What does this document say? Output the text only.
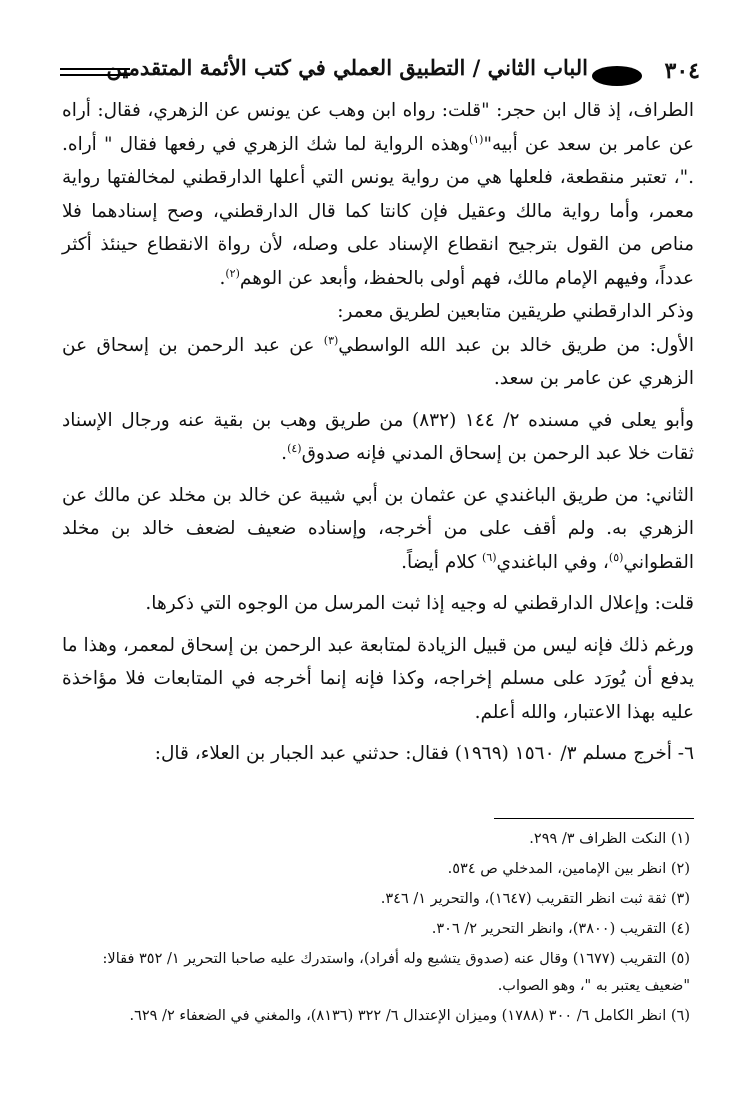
٣٠٤
الباب الثاني / التطبيق العملي في كتب الأئمة المتقدمين

الطراف، إذ قال ابن حجر: "قلت: رواه ابن وهب عن يونس عن الزهري، فقال: أراه عن عامر بن سعد عن أبيه"$^{(١)}$وهذه الرواية لما شك الزهري في رفعها فقال " أراه. ."، تعتبر منقطعة، فلعلها هي من رواية يونس التي أعلها الدارقطني لمخالفتها رواية معمر، وأما رواية مالك وعقيل فإن كانتا كما قال الدارقطني، وصح إسنادهما فلا مناص من القول بترجيح انقطاع الإسناد على وصله، لأن رواة الانقطاع حينئذ أكثر عدداً، وفيهم الإمام مالك، فهم أولى بالحفظ، وأبعد عن الوهم$^{(٢)}$.

وذكر الدارقطني طريقين متابعين لطريق معمر:

الأول: من طريق خالد بن عبد الله الواسطي$^{(٣)}$ عن عبد الرحمن بن إسحاق عن الزهري عن عامر بن سعد.

وأبو يعلى في مسنده ٢/ ١٤٤ (٨٣٢) من طريق وهب بن بقية عنه ورجال الإسناد ثقات خلا عبد الرحمن بن إسحاق المدني فإنه صدوق$^{(٤)}$.

الثاني: من طريق الباغندي عن عثمان بن أبي شيبة عن خالد بن مخلد عن مالك عن الزهري به. ولم أقف على من أخرجه، وإسناده ضعيف لضعف خالد بن مخلد القطواني$^{(٥)}$، وفي الباغندي$^{(٦)}$ كلام أيضاً.

قلت: وإعلال الدارقطني له وجيه إذا ثبت المرسل من الوجوه التي ذكرها.

ورغم ذلك فإنه ليس من قبيل الزيادة لمتابعة عبد الرحمن بن إسحاق لمعمر، وهذا ما يدفع أن يُورَد على مسلم إخراجه، وكذا فإنه إنما أخرجه في المتابعات فلا مؤاخذة عليه بهذا الاعتبار، والله أعلم.

٦- أخرج مسلم ٣/ ١٥٦٠ (١٩٦٩) فقال: حدثني عبد الجبار بن العلاء، قال:

(١) النكت الظراف ٣/ ٢٩٩.

(٢) انظر بين الإمامين، المدخلي ص ٥٣٤.

(٣) ثقة ثبت انظر التقريب (١٦٤٧)، والتحرير ١/ ٣٤٦.

(٤) التقريب (٣٨٠٠)، وانظر التحرير ٢/ ٣٠٦.

(٥) التقريب (١٦٧٧) وقال عنه (صدوق يتشيع وله أفراد)، واستدرك عليه صاحبا التحرير ١/ ٣٥٢ فقالا: "ضعيف يعتبر به "، وهو الصواب.

(٦) انظر الكامل ٦/ ٣٠٠ (١٧٨٨) وميزان الإعتدال ٦/ ٣٢٢ (٨١٣٦)، والمغني في الضعفاء ٢/ ٦٢٩.
